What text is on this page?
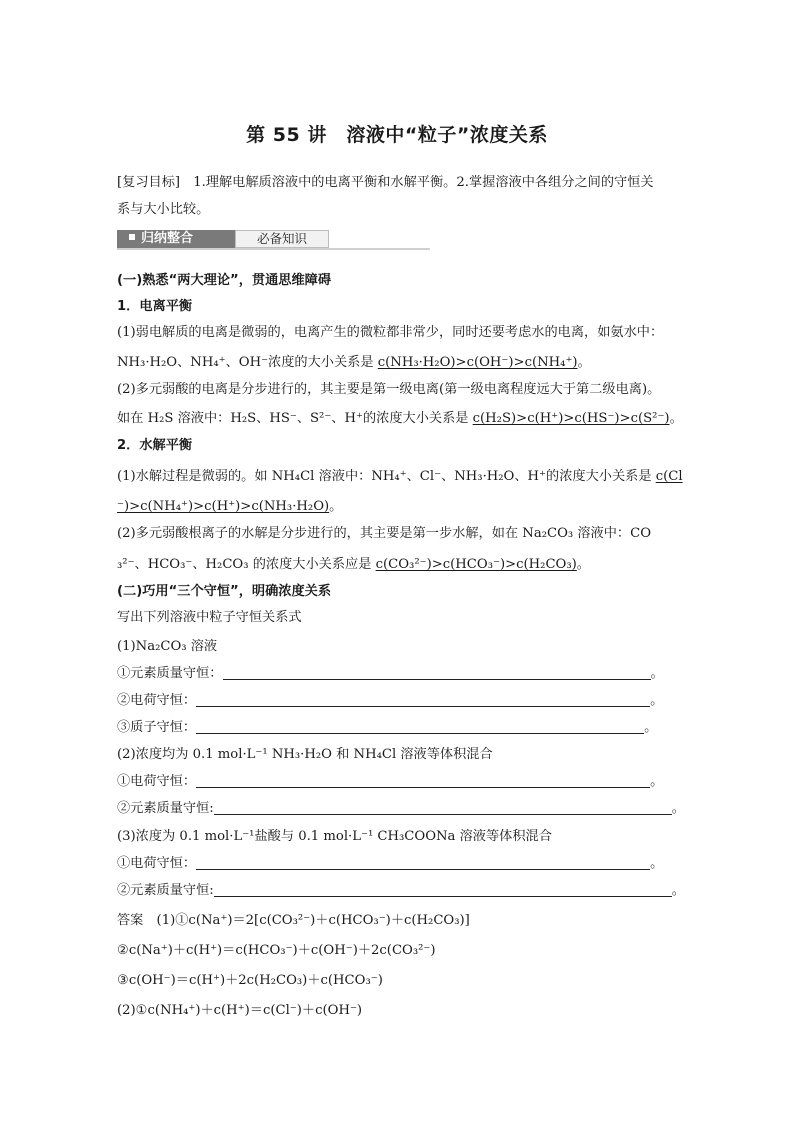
第 55 讲　溶液中“粒子”浓度关系
[复习目标]　1.理解电解质溶液中的电离平衡和水解平衡。2.掌握溶液中各组分之间的守恒关
系与大小比较。
归纳整合	必备知识
(一)熟悉“两大理论”，贯通思维障碍
1．电离平衡
(1)弱电解质的电离是微弱的，电离产生的微粒都非常少，同时还要考虑水的电离，如氨水中：
NH₃·H₂O、NH₄⁺、OH⁻浓度的大小关系是 c(NH₃·H₂O)>c(OH⁻)>c(NH₄⁺)。
(2)多元弱酸的电离是分步进行的，其主要是第一级电离(第一级电离程度远大于第二级电离)。
如在 H₂S 溶液中：H₂S、HS⁻、S²⁻、H⁺的浓度大小关系是 c(H₂S)>c(H⁺)>c(HS⁻)>c(S²⁻)。
2．水解平衡
(1)水解过程是微弱的。如 NH₄Cl 溶液中：NH₄⁺、Cl⁻、NH₃·H₂O、H⁺的浓度大小关系是 c(Cl
⁻)>c(NH₄⁺)>c(H⁺)>c(NH₃·H₂O)。
(2)多元弱酸根离子的水解是分步进行的，其主要是第一步水解，如在 Na₂CO₃ 溶液中：CO
₃²⁻、HCO₃⁻、H₂CO₃ 的浓度大小关系应是 c(CO₃²⁻)>c(HCO₃⁻)>c(H₂CO₃)。
(二)巧用“三个守恒”，明确浓度关系
写出下列溶液中粒子守恒关系式
(1)Na₂CO₃ 溶液
①元素质量守恒：	。
②电荷守恒：	。
③质子守恒：	。
(2)浓度均为 0.1 mol·L⁻¹ NH₃·H₂O 和 NH₄Cl 溶液等体积混合
①电荷守恒：	。
②元素质量守恒:	。
(3)浓度为 0.1 mol·L⁻¹盐酸与 0.1 mol·L⁻¹ CH₃COONa 溶液等体积混合
①电荷守恒：	。
②元素质量守恒:	。
答案　(1)①c(Na⁺)＝2[c(CO₃²⁻)＋c(HCO₃⁻)＋c(H₂CO₃)]
②c(Na⁺)＋c(H⁺)＝c(HCO₃⁻)＋c(OH⁻)＋2c(CO₃²⁻)
③c(OH⁻)＝c(H⁺)＋2c(H₂CO₃)＋c(HCO₃⁻)
(2)①c(NH₄⁺)＋c(H⁺)＝c(Cl⁻)＋c(OH⁻)
